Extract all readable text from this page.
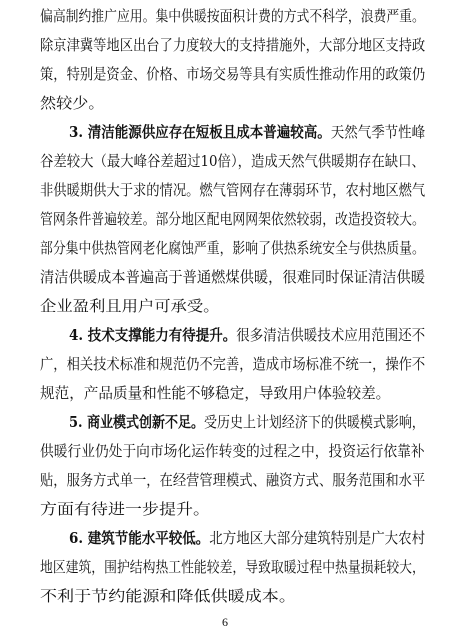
偏高制约推广应用。集中供暖按面积计费的方式不科学，浪费严重。
除京津冀等地区出台了力度较大的支持措施外，大部分地区支持政
策，特别是资金、价格、市场交易等具有实质性推动作用的政策仍
然较少。
3. 清洁能源供应存在短板且成本普遍较高。天然气季节性峰
谷差较大（最大峰谷差超过10倍），造成天然气供暖期存在缺口、
非供暖期供大于求的情况。燃气管网存在薄弱环节，农村地区燃气
管网条件普遍较差。部分地区配电网网架依然较弱，改造投资较大。
部分集中供热管网老化腐蚀严重，影响了供热系统安全与供热质量。
清洁供暖成本普遍高于普通燃煤供暖，很难同时保证清洁供暖
企业盈利且用户可承受。
4. 技术支撑能力有待提升。很多清洁供暖技术应用范围还不
广，相关技术标准和规范仍不完善，造成市场标准不统一，操作不
规范，产品质量和性能不够稳定，导致用户体验较差。
5. 商业模式创新不足。受历史上计划经济下的供暖模式影响，
供暖行业仍处于向市场化运作转变的过程之中，投资运行依靠补
贴，服务方式单一，在经营管理模式、融资方式、服务范围和水平
方面有待进一步提升。
6. 建筑节能水平较低。北方地区大部分建筑特别是广大农村
地区建筑，围护结构热工性能较差，导致取暖过程中热量损耗较大，
不利于节约能源和降低供暖成本。
6
